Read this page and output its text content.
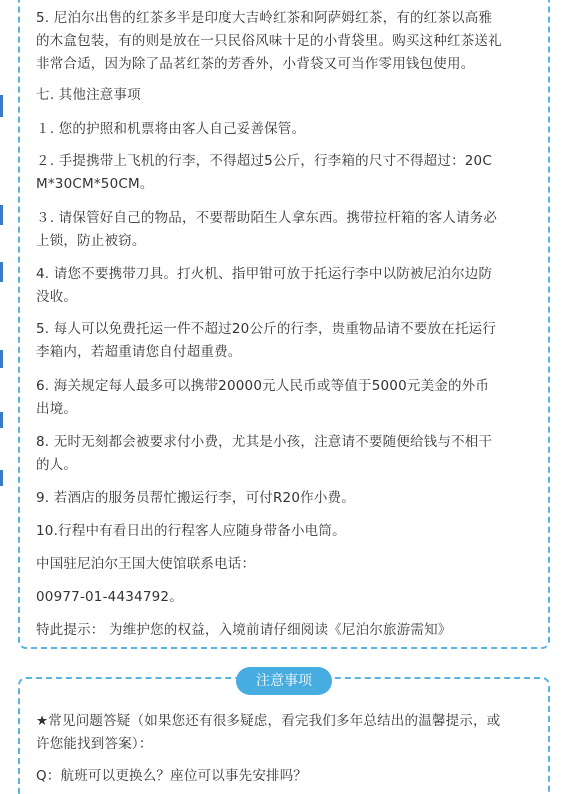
5. 尼泊尔出售的红茶多半是印度大吉岭红茶和阿萨姆红茶，有的红茶以高雅
的木盒包装，有的则是放在一只民俗风味十足的小背袋里。购买这种红茶送礼
非常合适，因为除了品茗红茶的芳香外，小背袋又可当作零用钱包使用。
七. 其他注意事项
１. 您的护照和机票将由客人自己妥善保管。
２. 手提携带上飞机的行李，不得超过5公斤，行李箱的尺寸不得超过：20C
M*30CM*50CM。
３. 请保管好自己的物品，不要帮助陌生人拿东西。携带拉杆箱的客人请务必
上锁，防止被窃。
4. 请您不要携带刀具。打火机、指甲钳可放于托运行李中以防被尼泊尔边防
没收。
5. 每人可以免费托运一件不超过20公斤的行李，贵重物品请不要放在托运行
李箱内，若超重请您自付超重费。
6. 海关规定每人最多可以携带20000元人民币或等值于5000元美金的外币
出境。
8. 无时无刻都会被要求付小费，尤其是小孩，注意请不要随便给钱与不相干
的人。
9. 若酒店的服务员帮忙搬运行李，可付R20作小费。
10.行程中有看日出的行程客人应随身带备小电筒。
中国驻尼泊尔王国大使馆联系电话：
00977-01-4434792。
特此提示： 为维护您的权益，入境前请仔细阅读《尼泊尔旅游需知》
注意事项
★常见问题答疑（如果您还有很多疑虑，看完我们多年总结出的温馨提示，或
许您能找到答案）：
Q：航班可以更换么？座位可以事先安排吗？
